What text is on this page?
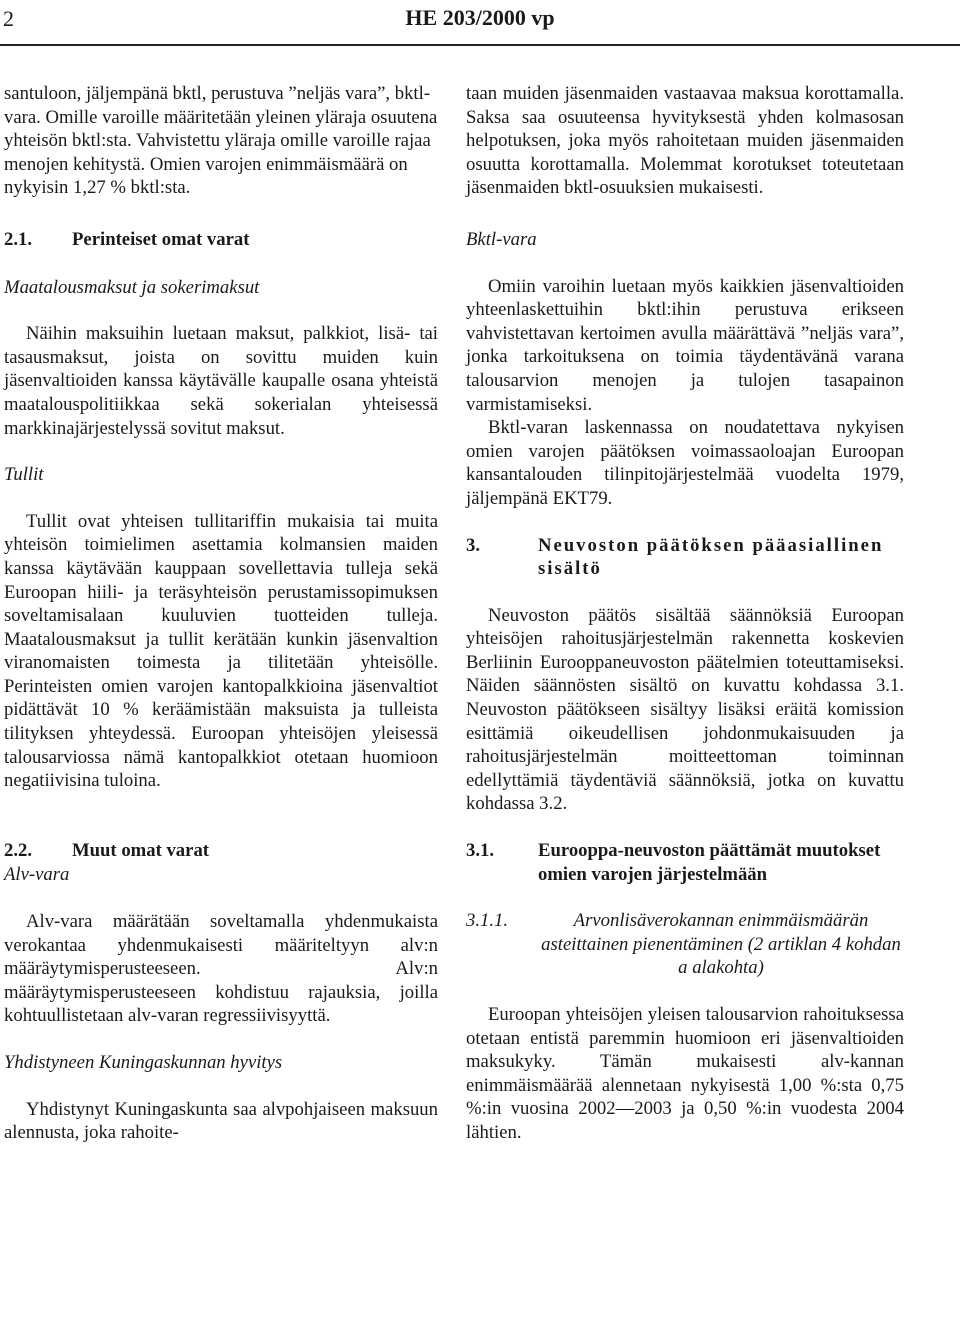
2	HE 203/2000 vp

santuloon, jäljempänä bktl, perustuva ”neljäs vara”, bktl-vara. Omille varoille määritetään yleinen yläraja osuutena yhteisön bktl:sta. Vahvistettu yläraja omille varoille rajaa menojen kehitystä. Omien varojen enimmäismäärä on nykyisin 1,27 % bktl:sta.

2.1.	Perinteiset omat varat
Maatalousmaksut ja sokerimaksut

Näihin maksuihin luetaan maksut, palkkiot, lisä- tai tasausmaksut, joista on sovittu muiden kuin jäsenvaltioiden kanssa käytävälle kaupalle osana yhteistä maatalouspolitiikkaa sekä sokerialan yhteisessä markkinajärjestelyssä sovitut maksut.

Tullit

Tullit ovat yhteisen tullitariffin mukaisia tai muita yhteisön toimielimen asettamia kolmansien maiden kanssa käytävään kauppaan sovellettavia tulleja sekä Euroopan hiili- ja teräsyhteisön perustamissopimuksen soveltamisalaan kuuluvien tuotteiden tulleja. Maatalousmaksut ja tullit kerätään kunkin jäsenvaltion viranomaisten toimesta ja tilitetään yhteisölle. Perinteisten omien varojen kantopalkkioina jäsenvaltiot pidättävät 10 % keräämistään maksuista ja tulleista tilityksen yhteydessä. Euroopan yhteisöjen yleisessä talousarviossa nämä kantopalkkiot otetaan huomioon negatiivisina tuloina.

2.2.	Muut omat varat
Alv-vara

Alv-vara määrätään soveltamalla yhdenmukaista verokantaa yhdenmukaisesti määriteltyyn alv:n määräytymisperusteeseen. Alv:n määräytymisperusteeseen kohdistuu rajauksia, joilla kohtuullistetaan alv-varan regressiivisyyttä.

Yhdistyneen Kuningaskunnan hyvitys

Yhdistynyt Kuningaskunta saa alvpohjaiseen maksuun alennusta, joka rahoite-

taan muiden jäsenmaiden vastaavaa maksua korottamalla. Saksa saa osuuteensa hyvityksestä yhden kolmasosan helpotuksen, joka myös rahoitetaan muiden jäsenmaiden osuutta korottamalla. Molemmat korotukset toteutetaan jäsenmaiden bktl-osuuksien mukaisesti.

Bktl-vara

Omiin varoihin luetaan myös kaikkien jäsenvaltioiden yhteenlaskettuihin bktl:ihin perustuva erikseen vahvistettavan kertoimen avulla määrättävä ”neljäs vara”, jonka tarkoituksena on toimia täydentävänä varana talousarvion menojen ja tulojen tasapainon varmistamiseksi.

Bktl-varan laskennassa on noudatettava nykyisen omien varojen päätöksen voimassaoloajan Euroopan kansantalouden tilinpitojärjestelmää vuodelta 1979, jäljempänä EKT79.

3.	Neuvoston päätöksen pääasiallinen sisältö

Neuvoston päätös sisältää säännöksiä Euroopan yhteisöjen rahoitusjärjestelmän rakennetta koskevien Berliinin Eurooppaneuvoston päätelmien toteuttamiseksi. Näiden säännösten sisältö on kuvattu kohdassa 3.1. Neuvoston päätökseen sisältyy lisäksi eräitä komission esittämiä oikeudellisen johdonmukaisuuden ja rahoitusjärjestelmän moitteettoman toiminnan edellyttämiä täydentäviä säännöksiä, jotka on kuvattu kohdassa 3.2.

3.1.	Eurooppa-neuvoston päättämät muutokset omien varojen järjestelmään
3.1.1.	Arvonlisäverokannan enimmäismäärän asteittainen pienentäminen (2 artiklan 4 kohdan a alakohta)

Euroopan yhteisöjen yleisen talousarvion rahoituksessa otetaan entistä paremmin huomioon eri jäsenvaltioiden maksukyky. Tämän mukaisesti alv-kannan enimmäismäärää alennetaan nykyisestä 1,00 %:sta 0,75 %:in vuosina 2002—2003 ja 0,50 %:in vuodesta 2004 lähtien.
